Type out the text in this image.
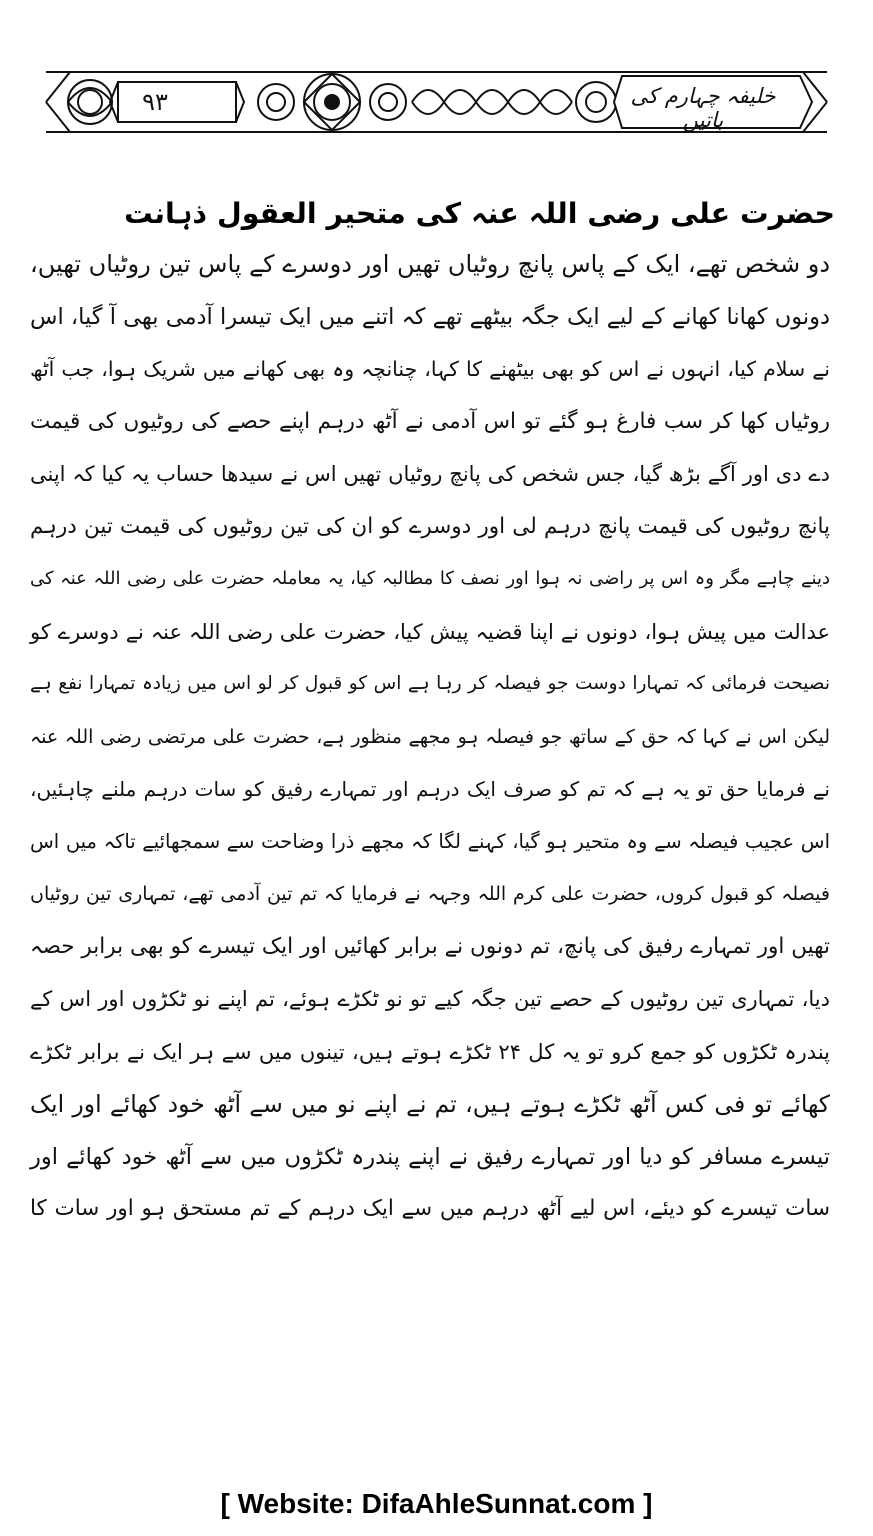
۹۳	خلیفہ چہارم کی باتیں
حضرت علی رضی اللہ عنہ کی متحیر العقول ذہانت
دو شخص تھے، ایک کے پاس پانچ روٹیاں تھیں اور دوسرے کے پاس تین روٹیاں تھیں،
دونوں کھانا کھانے کے لیے ایک جگہ بیٹھے تھے کہ اتنے میں ایک تیسرا آدمی بھی آ گیا، اس
نے سلام کیا، انہوں نے اس کو بھی بیٹھنے کا کہا، چنانچہ وہ بھی کھانے میں شریک ہوا، جب آٹھ
روٹیاں کھا کر سب فارغ ہو گئے تو اس آدمی نے آٹھ درہم اپنے حصے کی روٹیوں کی قیمت
دے دی اور آگے بڑھ گیا، جس شخص کی پانچ روٹیاں تھیں اس نے سیدھا حساب یہ کیا کہ اپنی
پانچ روٹیوں کی قیمت پانچ درہم لی اور دوسرے کو ان کی تین روٹیوں کی قیمت تین درہم
دینے چاہے مگر وہ اس پر راضی نہ ہوا اور نصف کا مطالبہ کیا، یہ معاملہ حضرت علی رضی اللہ عنہ کی
عدالت میں پیش ہوا، دونوں نے اپنا قضیہ پیش کیا، حضرت علی رضی اللہ عنہ نے دوسرے کو
نصیحت فرمائی کہ تمہارا دوست جو فیصلہ کر رہا ہے اس کو قبول کر لو اس میں زیادہ تمہارا نفع ہے
لیکن اس نے کہا کہ حق کے ساتھ جو فیصلہ ہو مجھے منظور ہے، حضرت علی مرتضی رضی اللہ عنہ
نے فرمایا حق تو یہ ہے کہ تم کو صرف ایک درہم اور تمہارے رفیق کو سات درہم ملنے چاہئیں،
اس عجیب فیصلہ سے وہ متحیر ہو گیا، کہنے لگا کہ مجھے ذرا وضاحت سے سمجھائیے تاکہ میں اس
فیصلہ کو قبول کروں، حضرت علی کرم اللہ وجہہ نے فرمایا کہ تم تین آدمی تھے، تمہاری تین روٹیاں
تھیں اور تمہارے رفیق کی پانچ، تم دونوں نے برابر کھائیں اور ایک تیسرے کو بھی برابر حصہ
دیا، تمہاری تین روٹیوں کے حصے تین جگہ کیے تو نو ٹکڑے ہوئے، تم اپنے نو ٹکڑوں اور اس کے
پندرہ ٹکڑوں کو جمع کرو تو یہ کل ۲۴ ٹکڑے ہوتے ہیں، تینوں میں سے ہر ایک نے برابر ٹکڑے
کھائے تو فی کس آٹھ ٹکڑے ہوتے ہیں، تم نے اپنے نو میں سے آٹھ خود کھائے اور ایک
تیسرے مسافر کو دیا اور تمہارے رفیق نے اپنے پندرہ ٹکڑوں میں سے آٹھ خود کھائے اور
سات تیسرے کو دیئے، اس لیے آٹھ درہم میں سے ایک درہم کے تم مستحق ہو اور سات کا
[ Website: DifaAhleSunnat.com ]
